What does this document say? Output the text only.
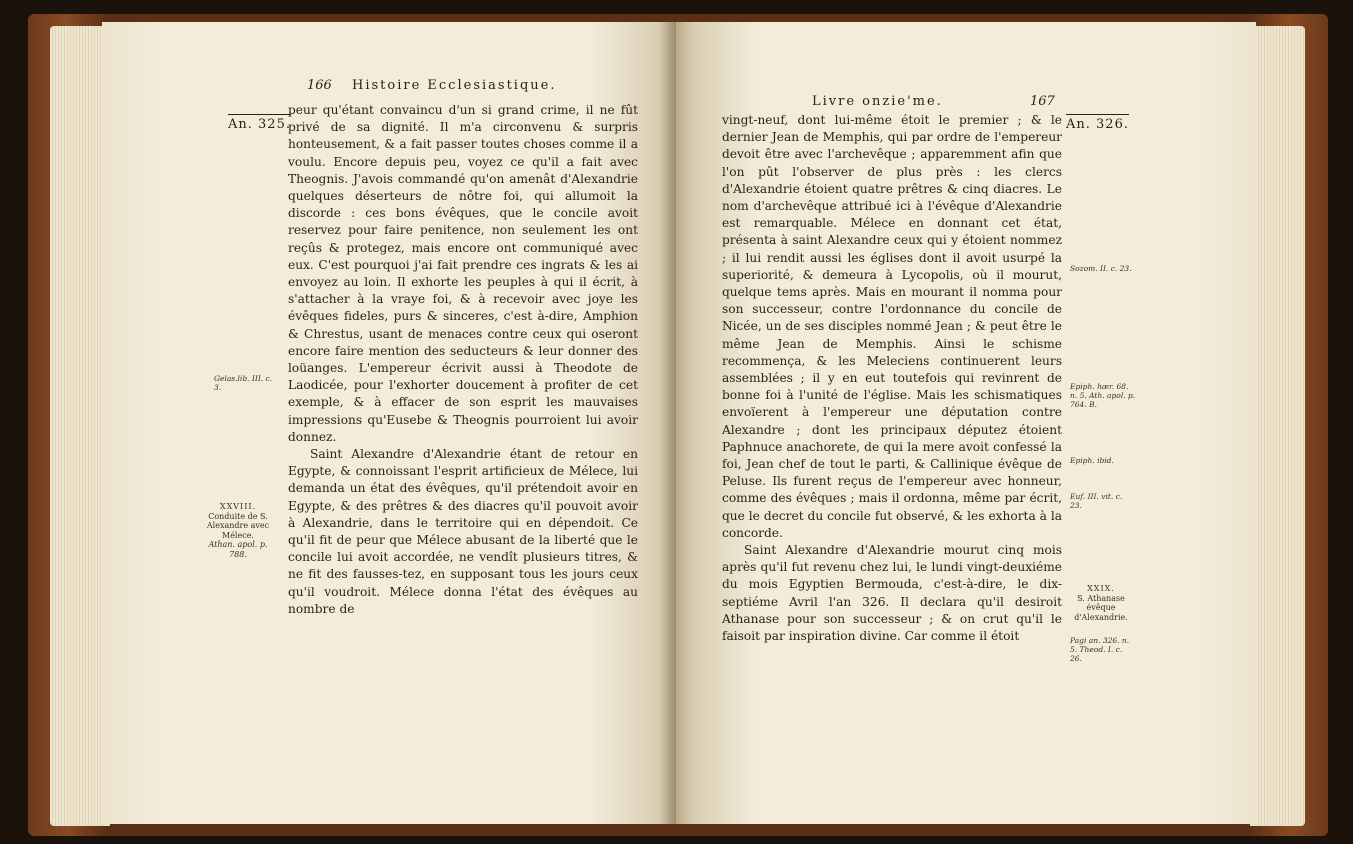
166 Histoire Ecclesiastique.
An. 325.
Gelas.lib. III. c. 3.
XXVIII.
Conduite de S. Alexandre avec Mélece.
Athan. apol. p. 788.

peur qu'étant convaincu d'un si grand crime, il ne fût privé de sa dignité. Il m'a circonvenu & surpris honteusement, & a fait passer toutes choses comme il a voulu. Encore depuis peu, voyez ce qu'il a fait avec Theognis. J'avois commandé qu'on amenât d'Alexandrie quelques déserteurs de nôtre foi, qui allumoit la discorde : ces bons évêques, que le concile avoit reservez pour faire penitence, non seulement les ont reçûs & protegez, mais encore ont communiqué avec eux. C'est pourquoi j'ai fait prendre ces ingrats & les ai envoyez au loin. Il exhorte les peuples à qui il écrit, à s'attacher à la vraye foi, & à recevoir avec joye les évêques fideles, purs & sinceres, c'est à-dire, Amphion & Chrestus, usant de menaces contre ceux qui oseront encore faire mention des seducteurs & leur donner des loüanges. L'empereur écrivit aussi à Theodote de Laodicée, pour l'exhorter doucement à profiter de cet exemple, & à effacer de son esprit les mauvaises impressions qu'Eusebe & Theognis pourroient lui avoir donnez.

Saint Alexandre d'Alexandrie étant de retour en Egypte, & connoissant l'esprit artificieux de Mélece, lui demanda un état des évêques, qu'il prétendoit avoir en Egypte, & des prêtres & des diacres qu'il pouvoit avoir à Alexandrie, dans le territoire qui en dépendoit. Ce qu'il fit de peur que Mélece abusant de la liberté que le concile lui avoit accordée, ne vendît plusieurs titres, & ne fit des fausses-tez, en supposant tous les jours ceux qu'il voudroit. Mélece donna l'état des évêques au nombre de

Livre onzie'me.	167
An. 326.

vingt-neuf, dont lui-même étoit le premier ; & le dernier Jean de Memphis, qui par ordre de l'empereur devoit être avec l'archevêque ; apparemment afin que l'on pût l'observer de plus près : les clercs d'Alexandrie étoient quatre prêtres & cinq diacres. Le nom d'archevêque attribué ici à l'évêque d'Alexandrie est remarquable. Mélece en donnant cet état, présenta à saint Alexandre ceux qui y étoient nommez ; il lui rendit aussi les églises dont il avoit usurpé la superiorité, & demeura à Lycopolis, où il mourut, quelque tems après. Mais en mourant il nomma pour son successeur, contre l'ordonnance du concile de Nicée, un de ses disciples nommé Jean ; & peut être le même Jean de Memphis. Ainsi le schisme recommença, & les Meleciens continuerent leurs assemblées ; il y en eut toutefois qui revinrent de bonne foi à l'unité de l'église. Mais les schismatiques envoïerent à l'empereur une députation contre Alexandre ; dont les principaux députez étoient Paphnuce anachorete, de qui la mere avoit confessé la foi, Jean chef de tout le parti, & Callinique évêque de Peluse. Ils furent reçus de l'empereur avec honneur, comme des évêques ; mais il ordonna, même par écrit, que le decret du concile fut observé, & les exhorta à la concorde.

Saint Alexandre d'Alexandrie mourut cinq mois après qu'il fut revenu chez lui, le lundi vingt-deuxiéme du mois Egyptien Bermouda, c'est-à-dire, le dix-septiéme Avril l'an 326. Il declara qu'il desiroit Athanase pour son successeur ; & on crut qu'il le faisoit par inspiration divine. Car comme il étoit

Sozom. II. c. 23.
Epiph. hær. 68. n. 5. Ath. apol. p. 764. B.
Epiph. ibid.
Euf. III. vit. c. 23.
XXIX.
S. Athanase évêque d'Alexandrie.
Pagi an. 326. n. 5. Theod. I. c. 26.
